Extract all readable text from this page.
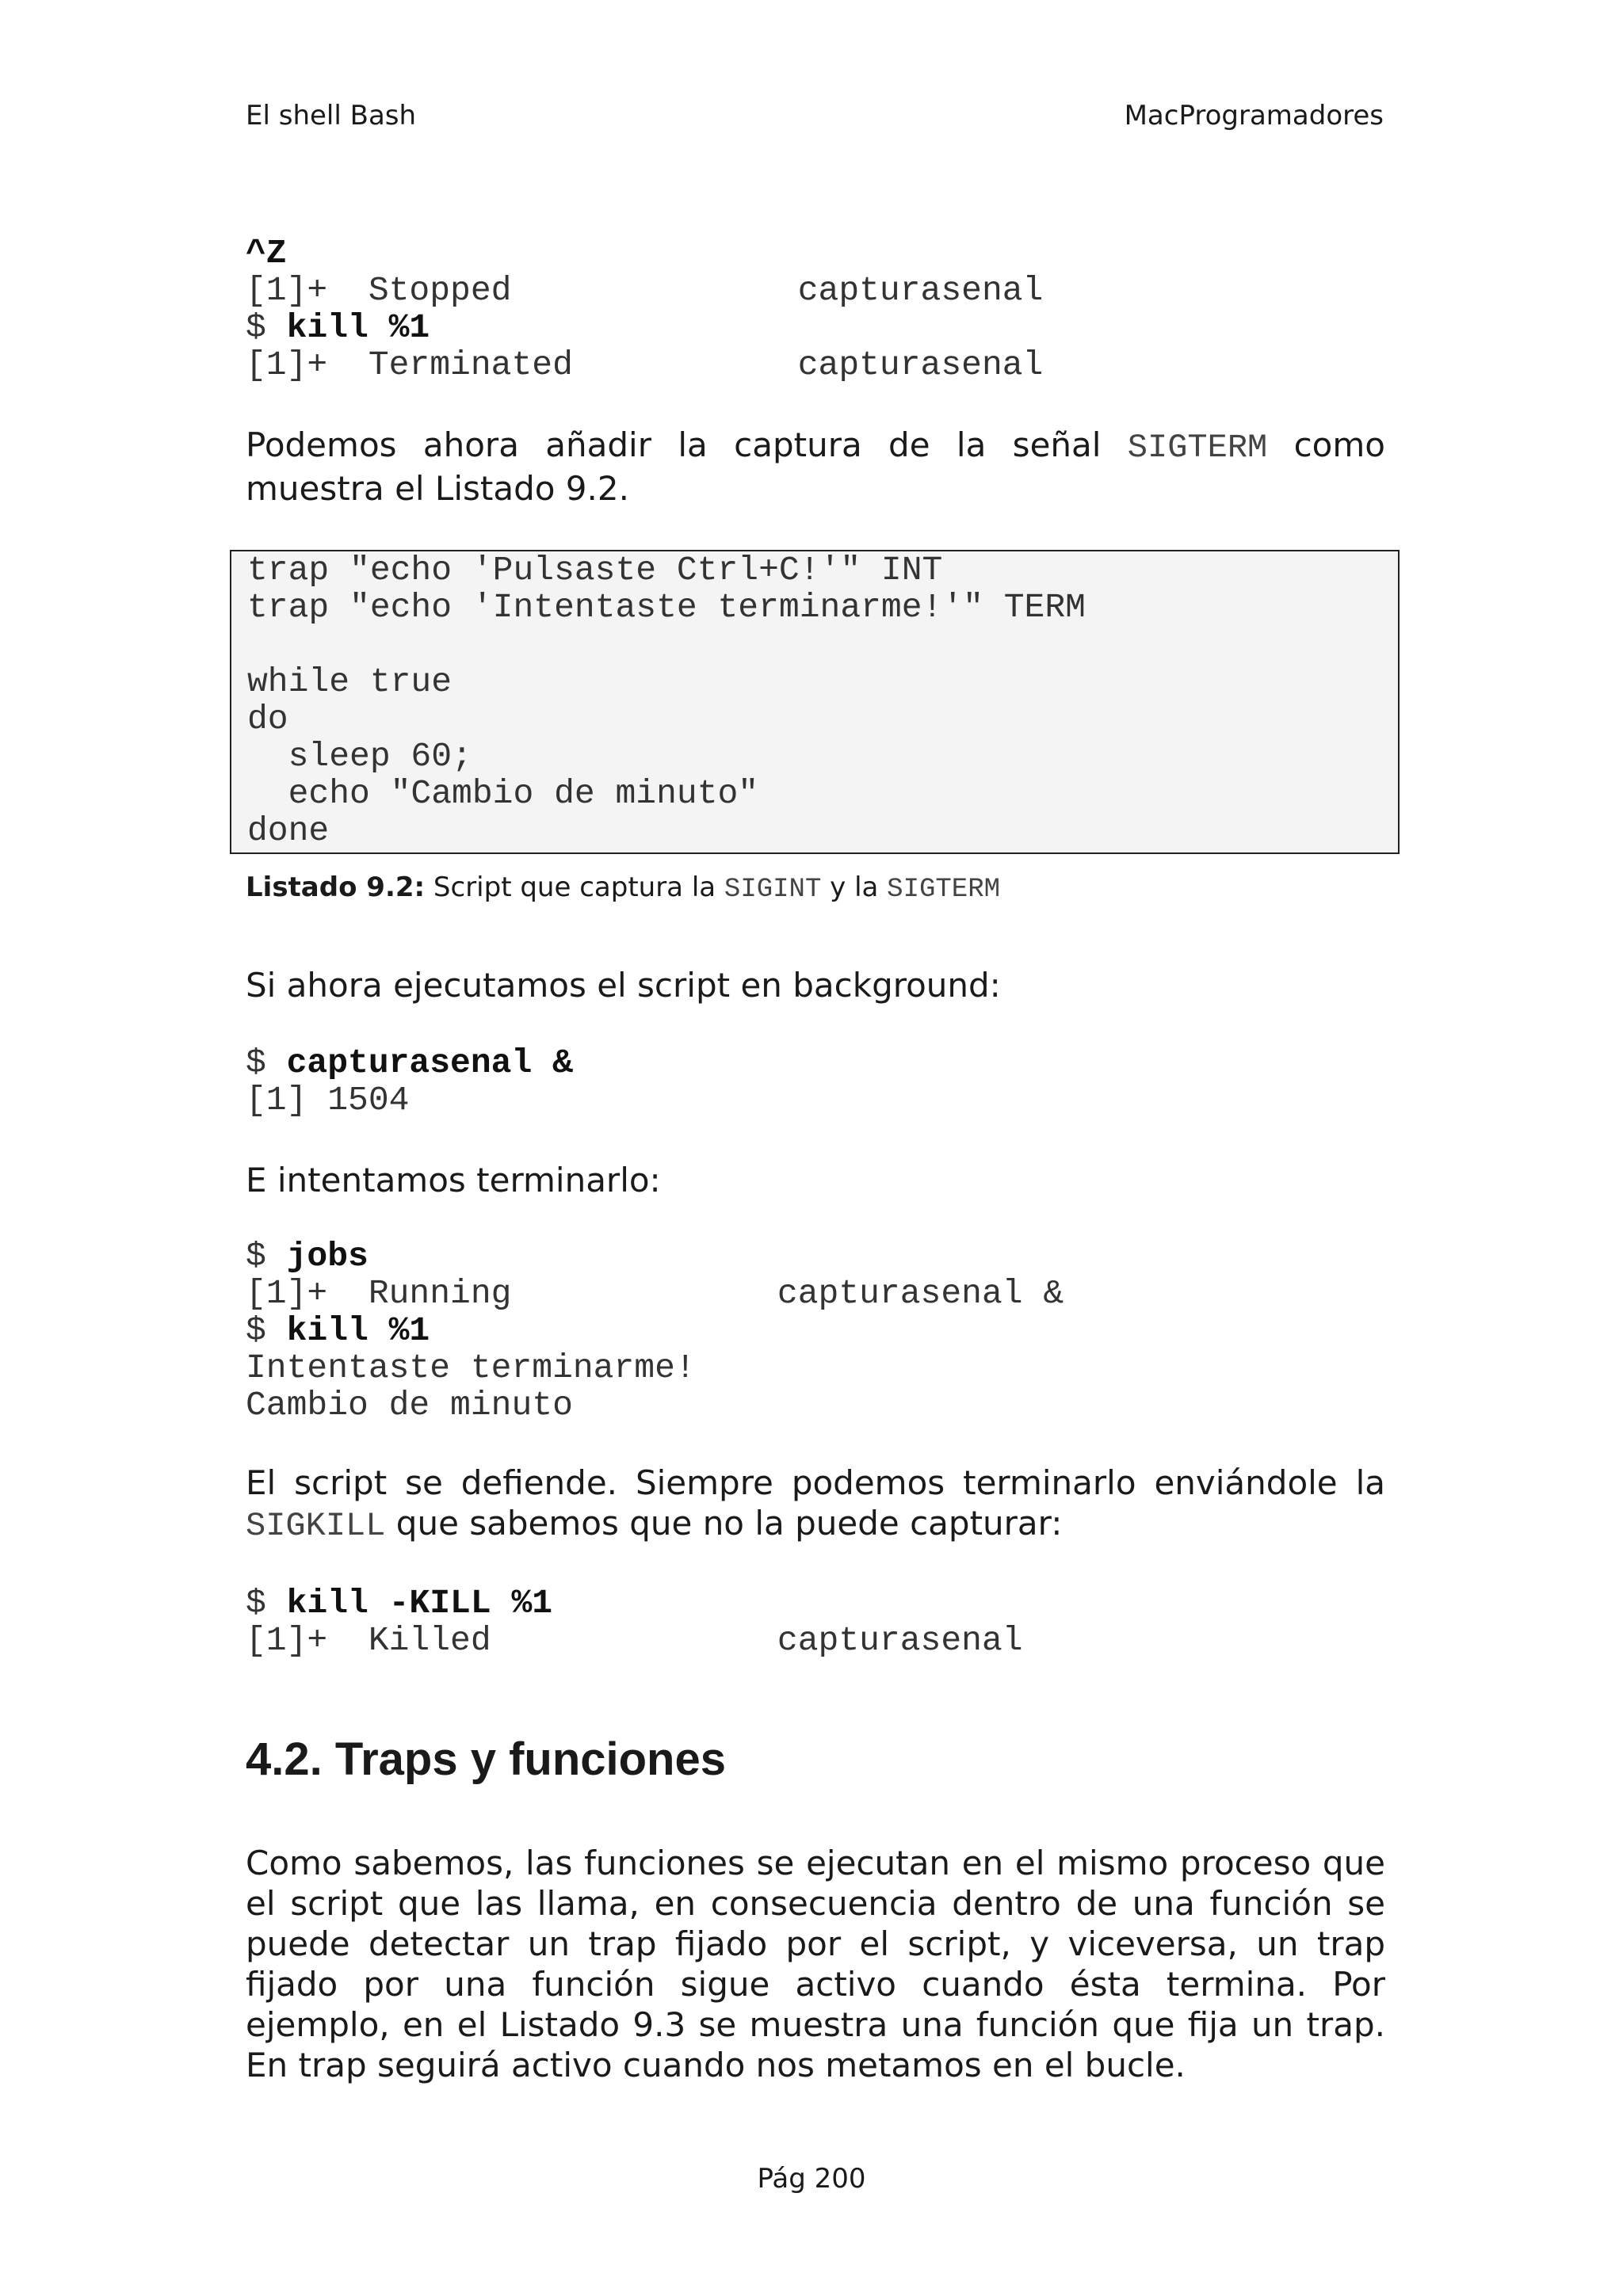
El shell Bash	MacProgramadores
^Z
[1]+  Stopped              capturasenal
$ kill %1
[1]+  Terminated           capturasenal
Podemos ahora añadir la captura de la señal SIGTERM como muestra el Listado 9.2.
trap "echo 'Pulsaste Ctrl+C!'" INT
trap "echo 'Intentaste terminarme!'" TERM

while true
do
sleep 60;
echo "Cambio de minuto"
done
Listado 9.2: Script que captura la SIGINT y la SIGTERM
Si ahora ejecutamos el script en background:
$ capturasenal &
[1] 1504
E intentamos terminarlo:
$ jobs
[1]+  Running             capturasenal &
$ kill %1
Intentaste terminarme!
Cambio de minuto
El script se defiende. Siempre podemos terminarlo enviándole la SIGKILL que sabemos que no la puede capturar:
$ kill -KILL %1
[1]+  Killed              capturasenal
4.2. Traps y funciones
Como sabemos, las funciones se ejecutan en el mismo proceso que el script que las llama, en consecuencia dentro de una función se puede detectar un trap fijado por el script, y viceversa, un trap fijado por una función sigue activo cuando ésta termina. Por ejemplo, en el Listado 9.3 se muestra una función que fija un trap. En trap seguirá activo cuando nos metamos en el bucle.
Pág 200
